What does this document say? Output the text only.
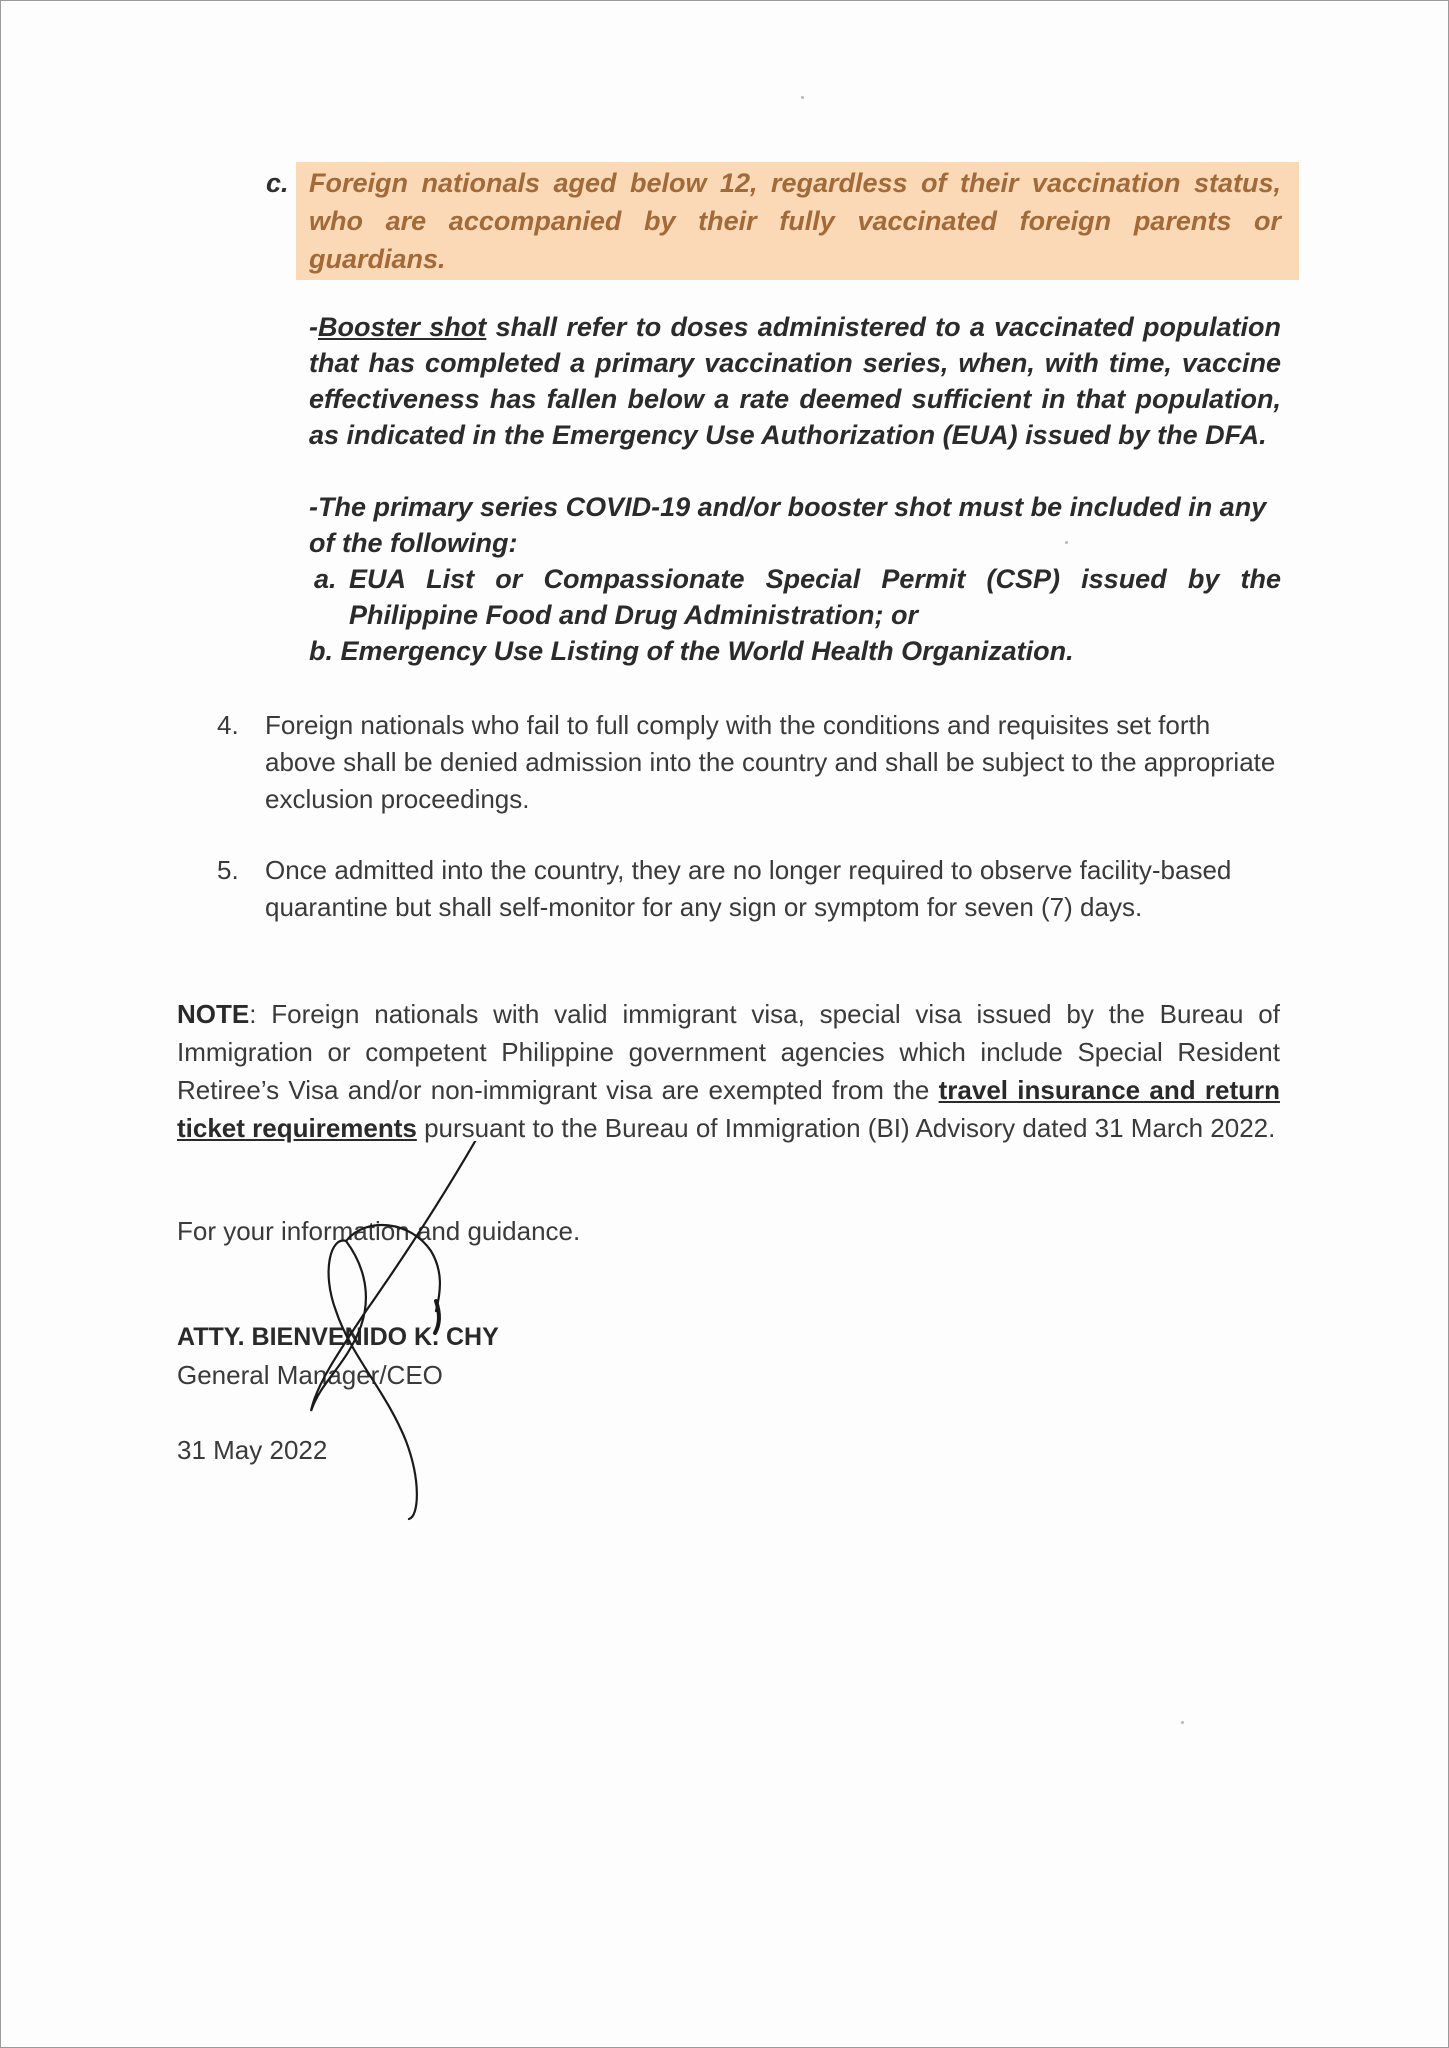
c. Foreign nationals aged below 12, regardless of their vaccination status, who are accompanied by their fully vaccinated foreign parents or guardians.
-Booster shot shall refer to doses administered to a vaccinated population that has completed a primary vaccination series, when, with time, vaccine effectiveness has fallen below a rate deemed sufficient in that population, as indicated in the Emergency Use Authorization (EUA) issued by the DFA.
-The primary series COVID-19 and/or booster shot must be included in any of the following:
a. EUA List or Compassionate Special Permit (CSP) issued by the Philippine Food and Drug Administration; or
b. Emergency Use Listing of the World Health Organization.
4. Foreign nationals who fail to full comply with the conditions and requisites set forth above shall be denied admission into the country and shall be subject to the appropriate exclusion proceedings.
5. Once admitted into the country, they are no longer required to observe facility-based quarantine but shall self-monitor for any sign or symptom for seven (7) days.
NOTE: Foreign nationals with valid immigrant visa, special visa issued by the Bureau of Immigration or competent Philippine government agencies which include Special Resident Retiree’s Visa and/or non-immigrant visa are exempted from the travel insurance and return ticket requirements pursuant to the Bureau of Immigration (BI) Advisory dated 31 March 2022.
For your information and guidance.
ATTY. BIENVENIDO K. CHY
General Manager/CEO
31 May 2022
